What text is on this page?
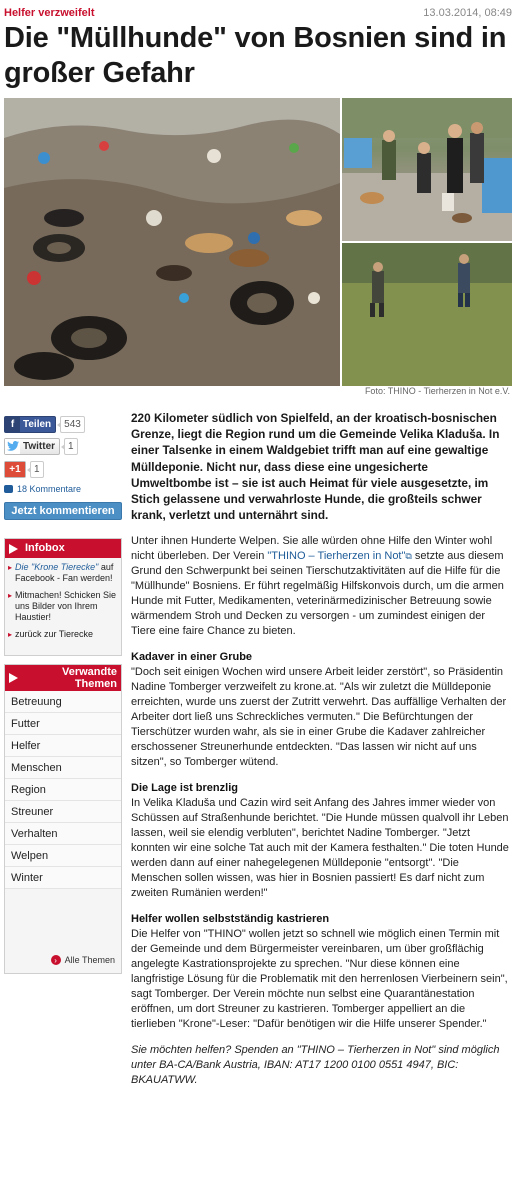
Helfer verzweifelt	13.03.2014, 08:49
Die "Müllhunde" von Bosnien sind in großer Gefahr
Foto: THINO - Tierherzen in Not e.V.
f Teilen	543
Twitter	1
+1	1
18 Kommentare
Jetzt kommentieren
Infobox
▸ Die "Krone Tierecke" auf Facebook - Fan werden!
▸ Mitmachen! Schicken Sie uns Bilder von Ihrem Haustier!
▸ zurück zur Tierecke
Verwandte
Themen
Betreuung
Futter
Helfer
Menschen
Region
Streuner
Verhalten
Welpen
Winter
› Alle Themen

220 Kilometer südlich von Spielfeld, an der kroatisch-bosnischen Grenze, liegt die Region rund um die Gemeinde Velika Kladuša. In einer Talsenke in einem Waldgebiet trifft man auf eine gewaltige Mülldeponie. Nicht nur, dass diese eine ungesicherte Umweltbombe ist – sie ist auch Heimat für viele ausgesetzte, im Stich gelassene und verwahrloste Hunde, die großteils schwer krank, verletzt und unternährt sind.

Unter ihnen Hunderte Welpen. Sie alle würden ohne Hilfe den Winter wohl nicht überleben. Der Verein "THINO – Tierherzen in Not"⧉ setzte aus diesem Grund den Schwerpunkt bei seinen Tierschutzaktivitäten auf die Hilfe für die "Müllhunde" Bosniens. Er führt regelmäßig Hilfskonvois durch, um die armen Hunde mit Futter, Medikamenten, veterinärmedizinischer Betreuung sowie wärmendem Stroh und Decken zu versorgen - um zumindest einigen der Tiere eine faire Chance zu bieten.

Kadaver in einer Grube

"Doch seit einigen Wochen wird unsere Arbeit leider zerstört", so Präsidentin Nadine Tomberger verzweifelt zu krone.at. "Als wir zuletzt die Mülldeponie erreichten, wurde uns zuerst der Zutritt verwehrt. Das auffällige Verhalten der Arbeiter dort ließ uns Schreckliches vermuten." Die Befürchtungen der Tierschützer wurden wahr, als sie in einer Grube die Kadaver zahlreicher erschossener Streunerhunde entdeckten. "Das lassen wir nicht auf uns sitzen", so Tomberger wütend.

Die Lage ist brenzlig

In Velika Kladuša und Cazin wird seit Anfang des Jahres immer wieder von Schüssen auf Straßenhunde berichtet. "Die Hunde müssen qualvoll ihr Leben lassen, weil sie elendig verbluten", berichtet Nadine Tomberger. "Jetzt konnten wir eine solche Tat auch mit der Kamera festhalten." Die toten Hunde werden dann auf einer nahegelegenen Mülldeponie "entsorgt". "Die Menschen sollen wissen, was hier in Bosnien passiert! Es darf nicht zum zweiten Rumänien werden!"

Helfer wollen selbstständig kastrieren

Die Helfer von "THINO" wollen jetzt so schnell wie möglich einen Termin mit der Gemeinde und dem Bürgermeister vereinbaren, um über großflächig angelegte Kastrationsprojekte zu sprechen. "Nur diese können eine langfristige Lösung für die Problematik mit den herrenlosen Vierbeinern sein", sagt Tomberger. Der Verein möchte nun selbst eine Quarantänestation eröffnen, um dort Streuner zu kastrieren. Tomberger appelliert an die tierlieben "Krone"-Leser: "Dafür benötigen wir die Hilfe unserer Spender."

Sie möchten helfen? Spenden an "THINO – Tierherzen in Not" sind möglich unter BA-CA/Bank Austria, IBAN: AT17 1200 0100 0551 4947, BIC: BKAUATWW.
